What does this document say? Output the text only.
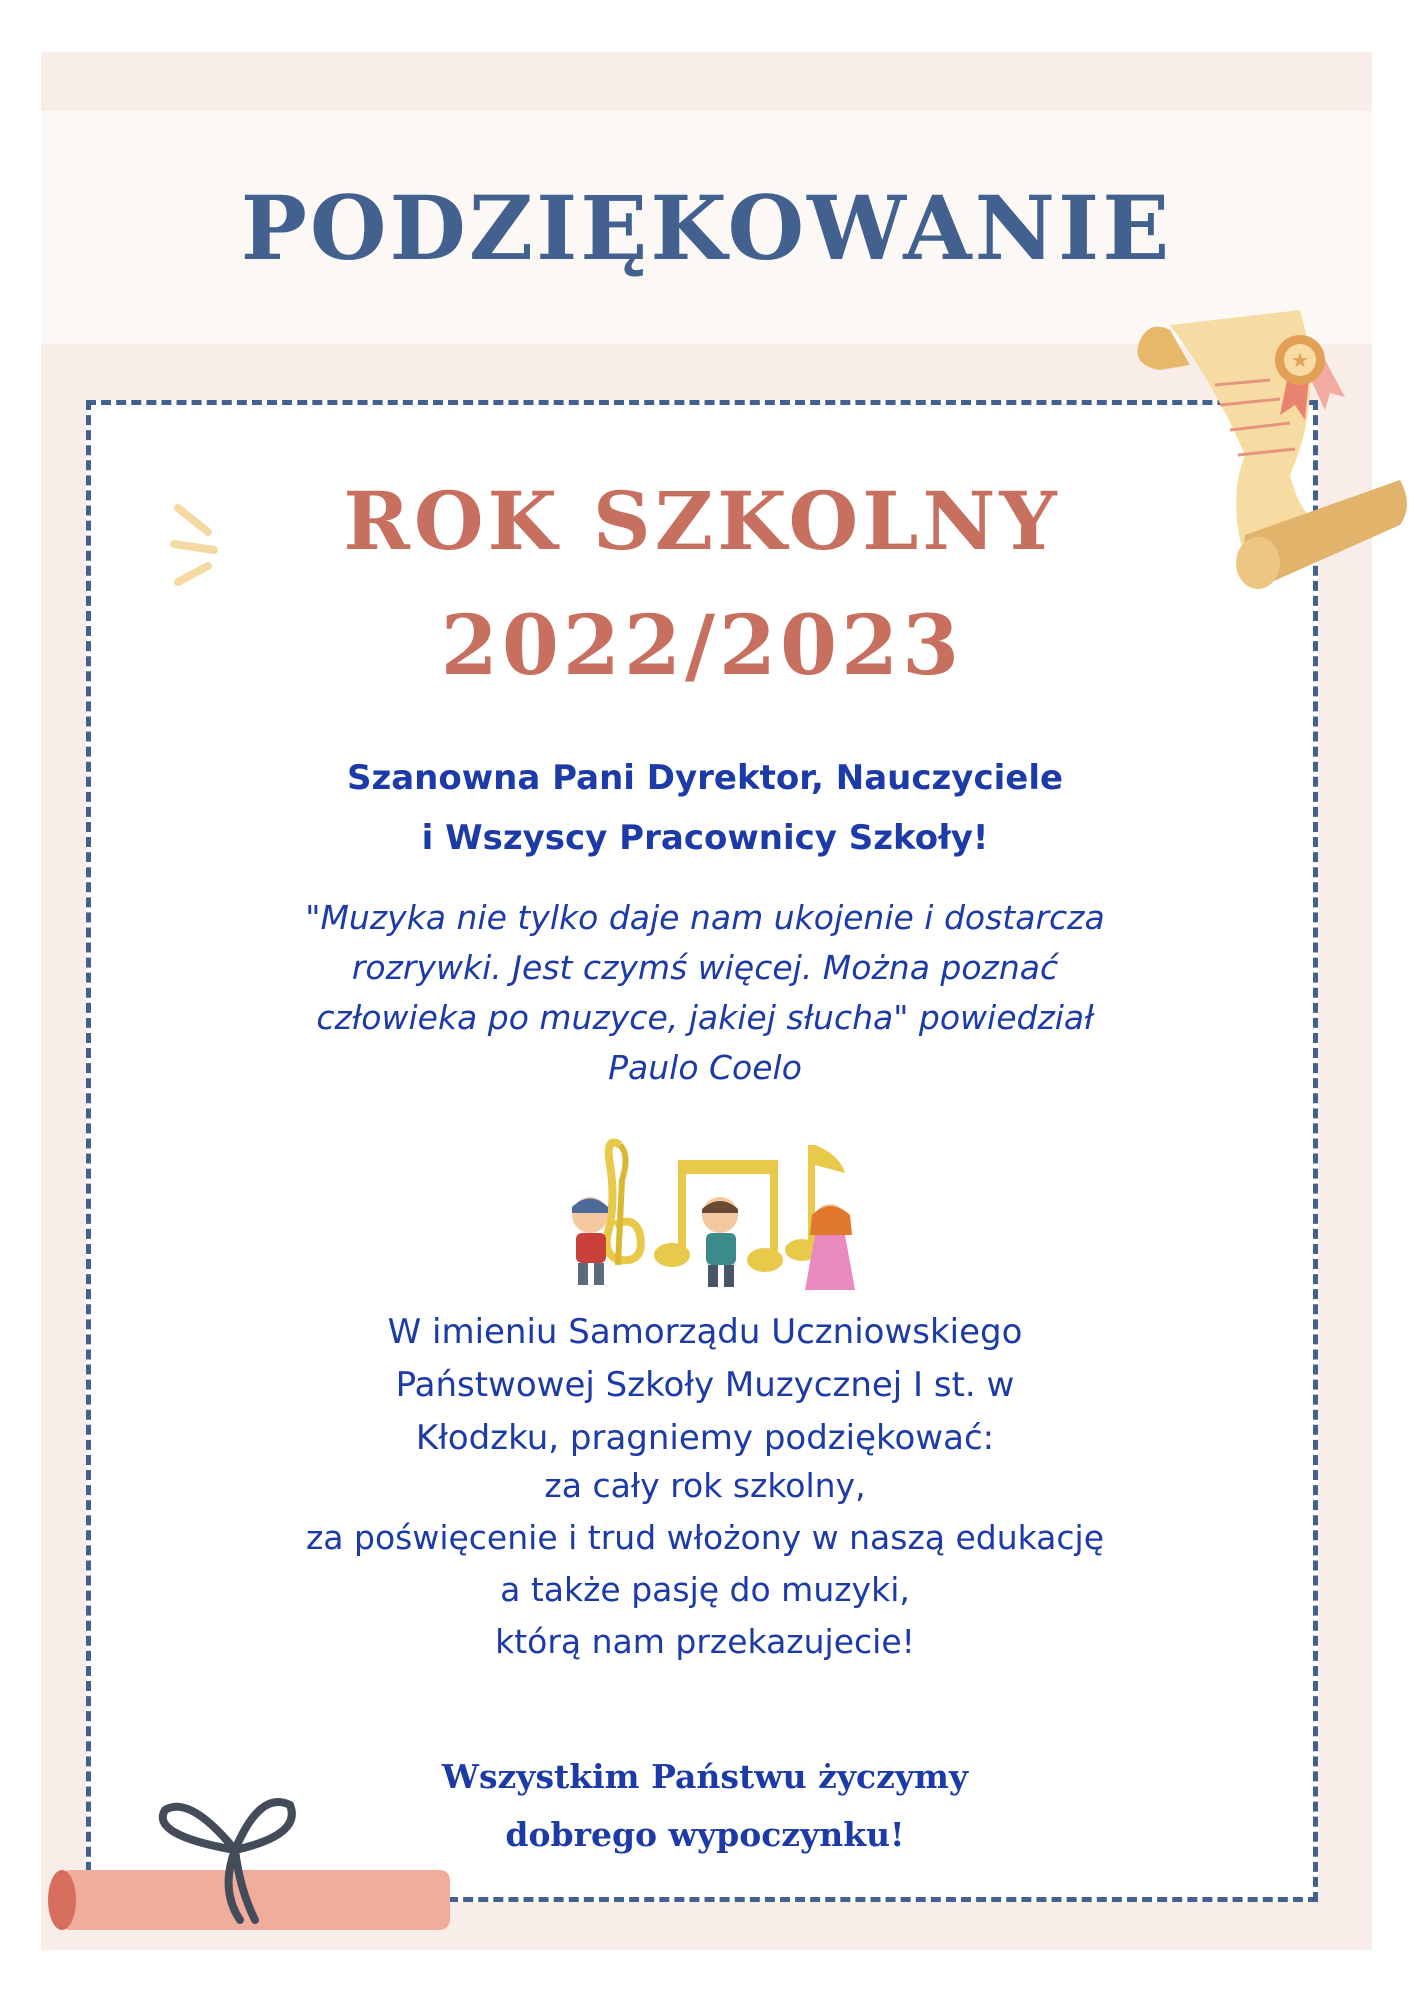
PODZIĘKOWANIE
★

ROK SZKOLNY

2022/2023

Szanowna Pani Dyrektor, Nauczyciele
i Wszyscy Pracownicy Szkoły!
"Muzyka nie tylko daje nam ukojenie i dostarcza
rozrywki. Jest czymś więcej. Można poznać
człowieka po muzyce, jakiej słucha" powiedział
Paulo Coelo
W imieniu Samorządu Uczniowskiego
Państwowej Szkoły Muzycznej I st. w
Kłodzku, pragniemy podziękować:
za cały rok szkolny,
za poświęcenie i trud włożony w naszą edukację
a także pasję do muzyki,
którą nam przekazujecie!
Wszystkim Państwu życzymy
dobrego wypoczynku!
